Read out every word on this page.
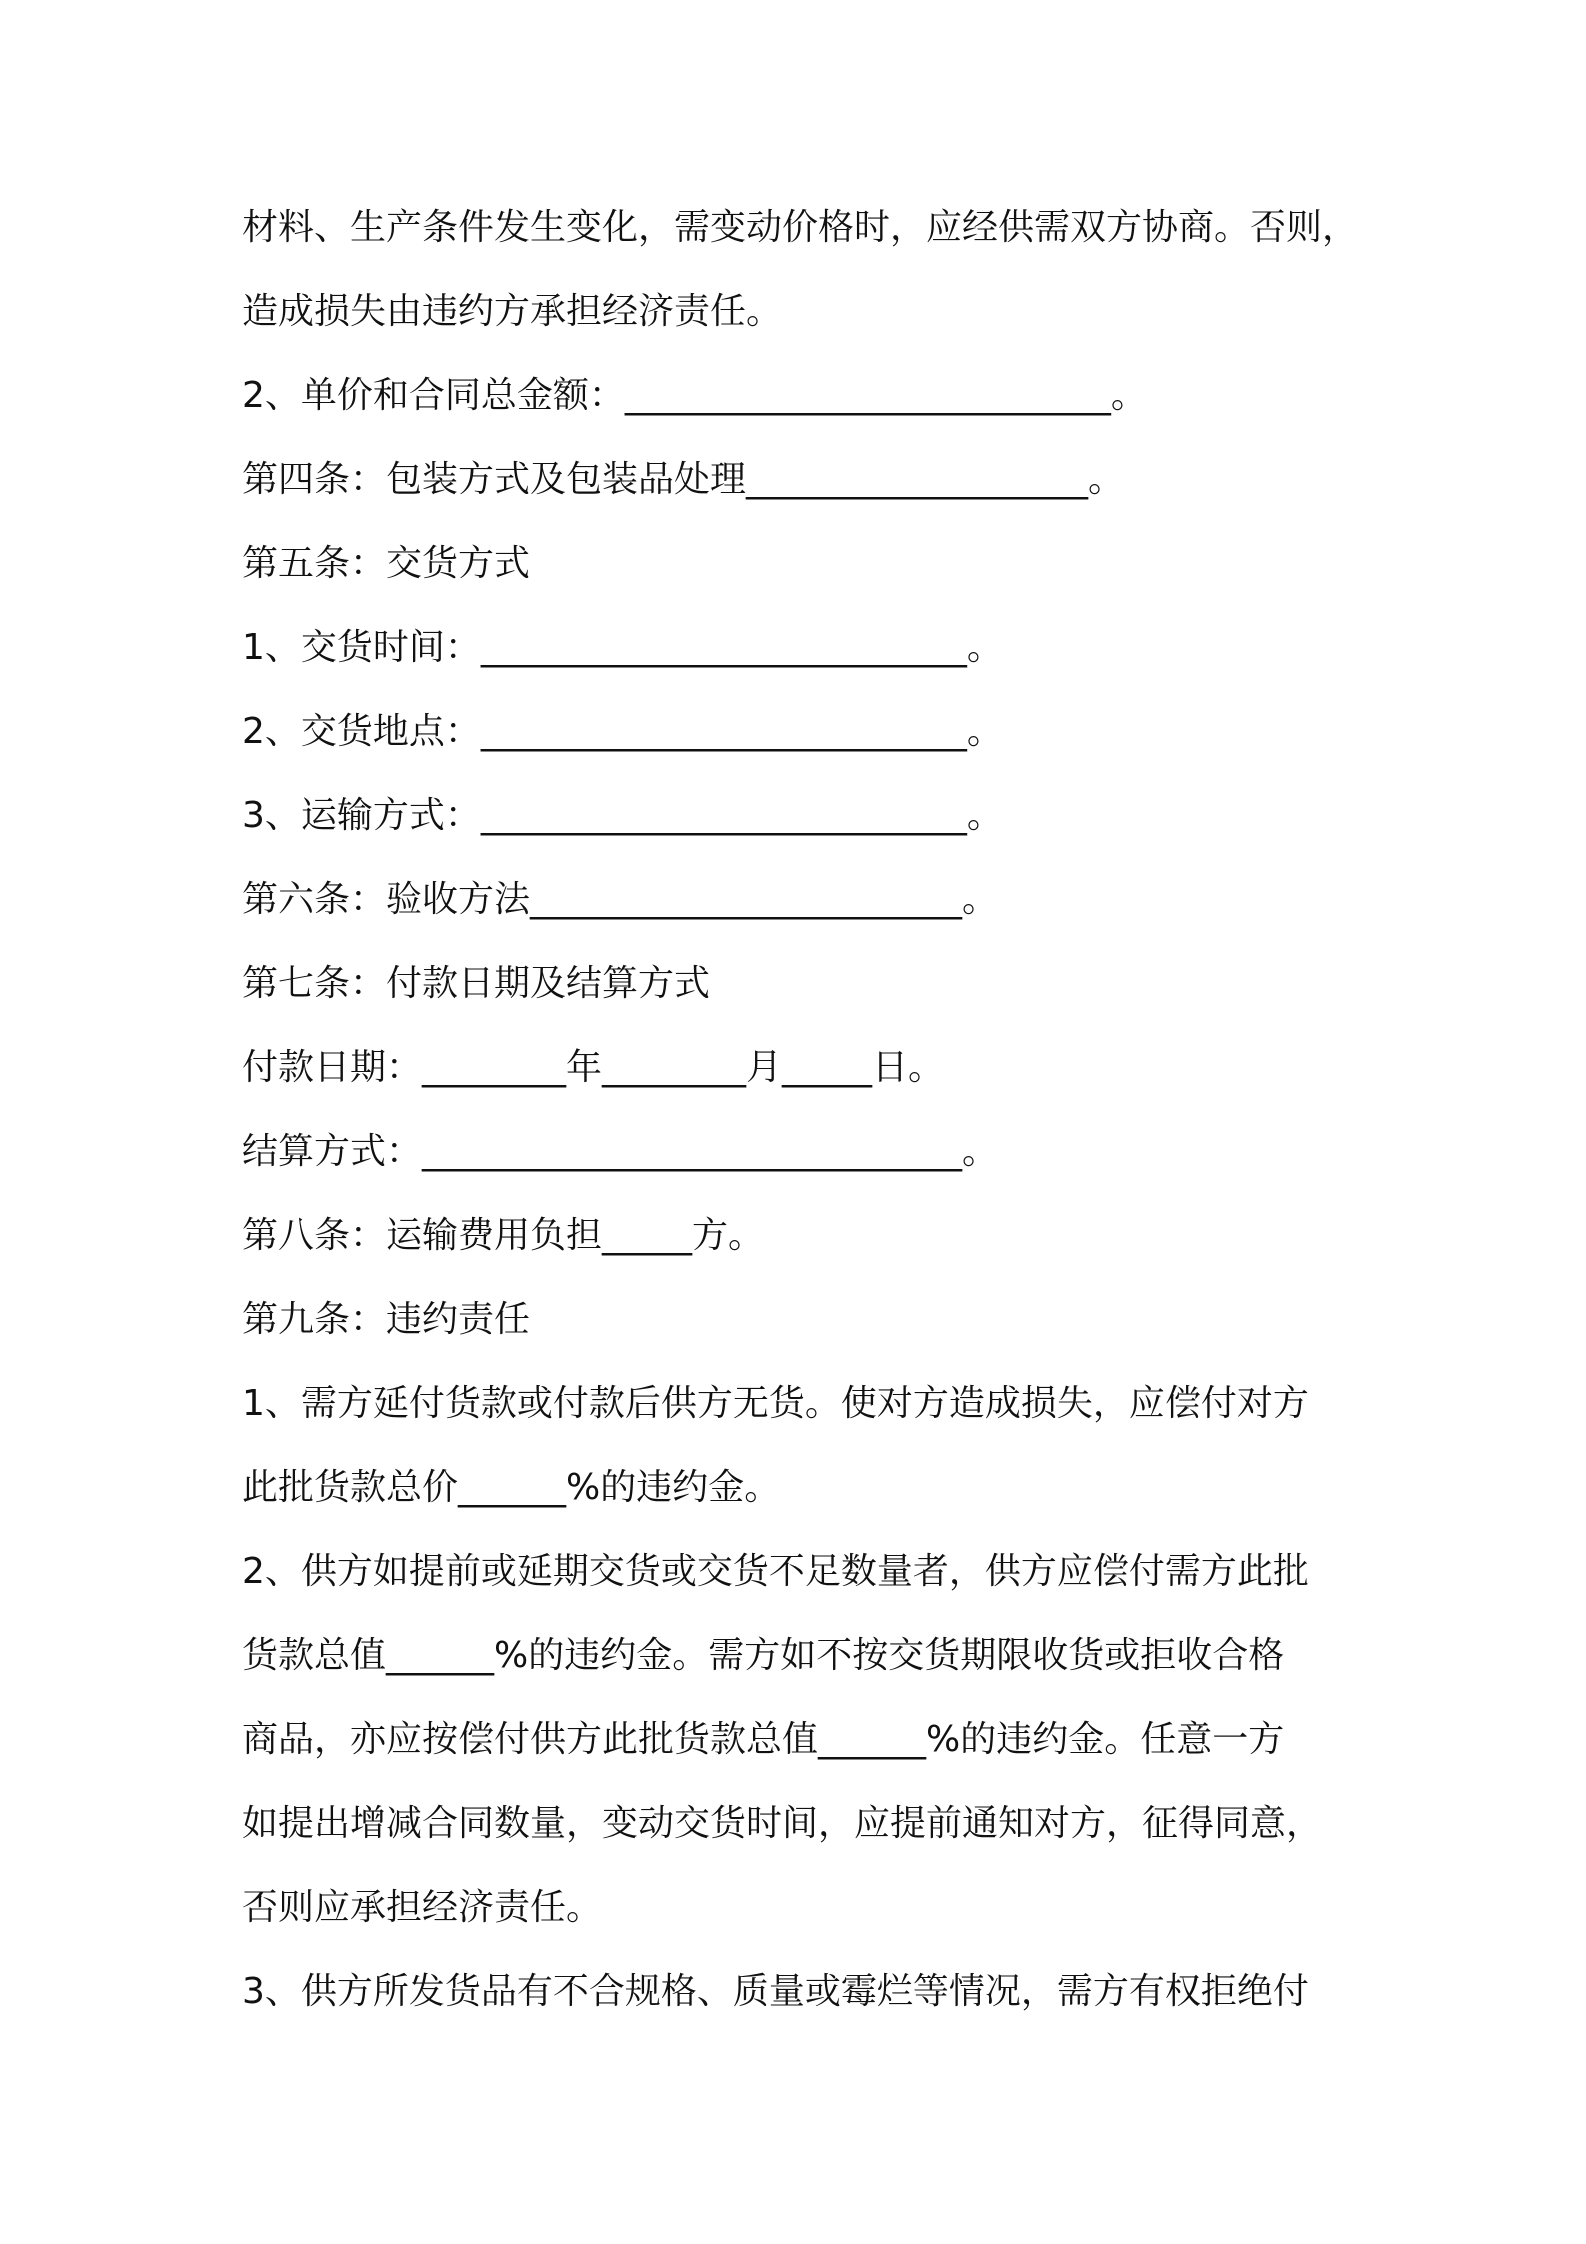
材料、生产条件发生变化，需变动价格时，应经供需双方协商。否则，
造成损失由违约方承担经济责任。
2、单价和合同总金额：___________________________。
第四条：包装方式及包装品处理___________________。
第五条：交货方式
1、交货时间：___________________________。
2、交货地点：___________________________。
3、运输方式：___________________________。
第六条：验收方法________________________。
第七条：付款日期及结算方式
付款日期：________年________月_____日。
结算方式：______________________________。
第八条：运输费用负担_____方。
第九条：违约责任
1、需方延付货款或付款后供方无货。使对方造成损失，应偿付对方
此批货款总价______%的违约金。
2、供方如提前或延期交货或交货不足数量者，供方应偿付需方此批
货款总值______%的违约金。需方如不按交货期限收货或拒收合格
商品，亦应按偿付供方此批货款总值______%的违约金。任意一方
如提出增减合同数量，变动交货时间，应提前通知对方，征得同意，
否则应承担经济责任。
3、供方所发货品有不合规格、质量或霉烂等情况，需方有权拒绝付
